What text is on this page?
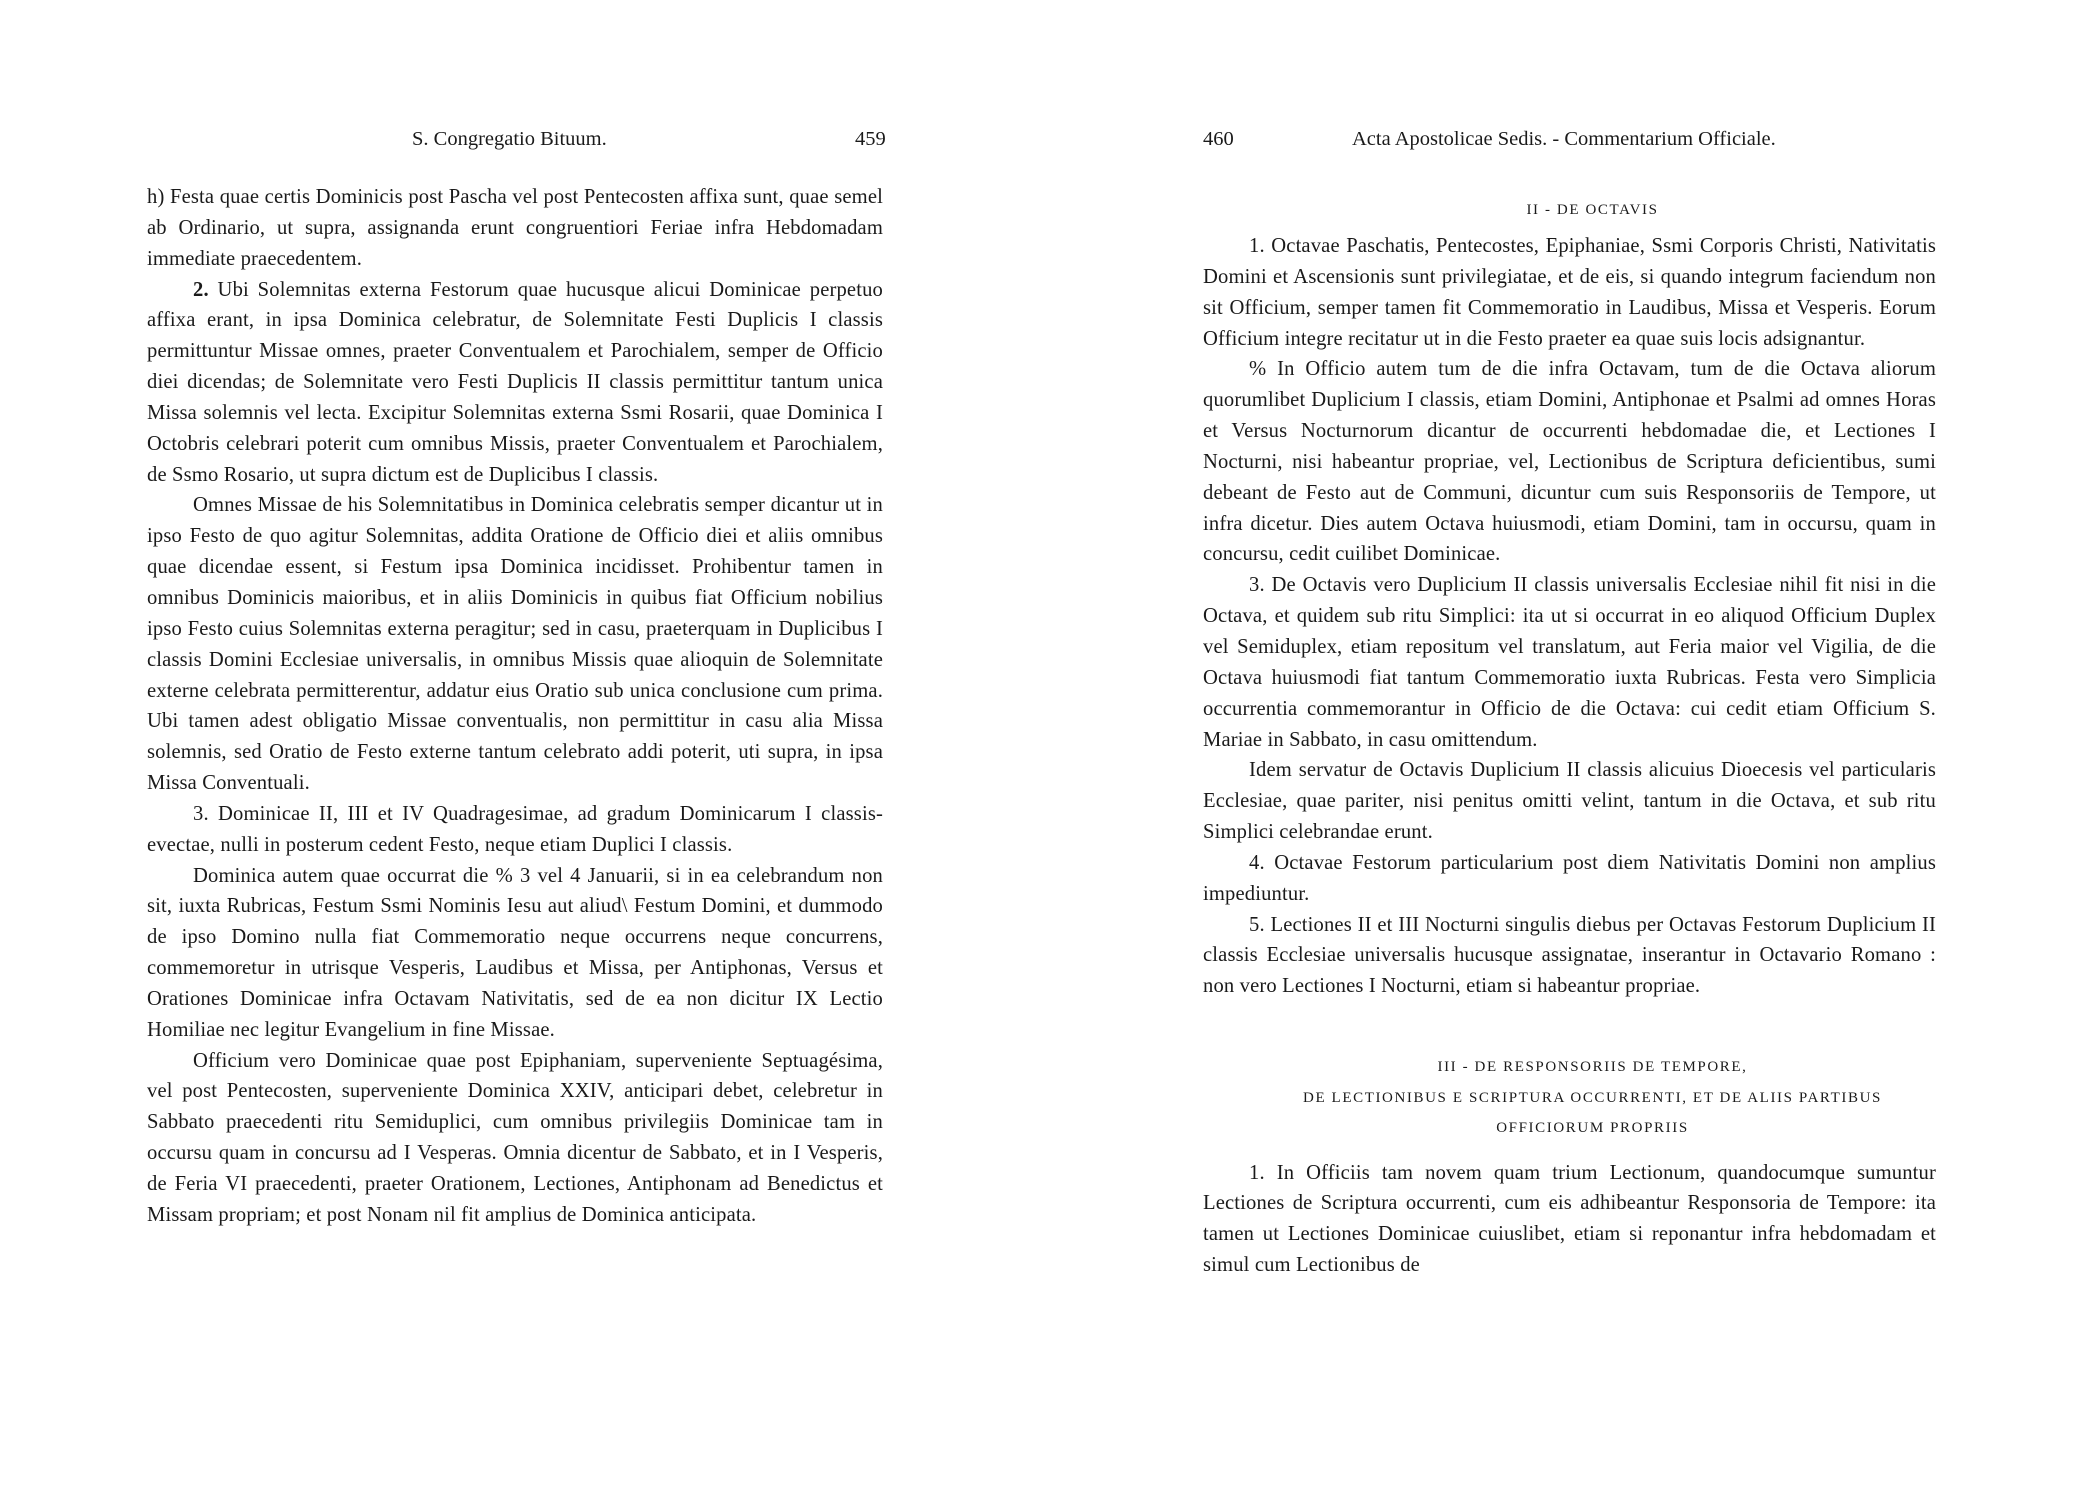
S. Congregatio Bituum.	459

h) Festa quae certis Dominicis post Pascha vel post Pentecosten affixa sunt, quae semel ab Ordinario, ut supra, assignanda erunt congruentiori Feriae infra Hebdomadam immediate praecedentem.

2. Ubi Solemnitas externa Festorum quae hucusque alicui Dominicae perpetuo affixa erant, in ipsa Dominica celebratur, de Solemnitate Festi Duplicis I classis permittuntur Missae omnes, praeter Conventualem et Parochialem, semper de Officio diei dicendas; de Solemnitate vero Festi Duplicis II classis permittitur tantum unica Missa solemnis vel lecta. Excipitur Solemnitas externa Ssmi Rosarii, quae Dominica I Octobris celebrari poterit cum omnibus Missis, praeter Conventualem et Parochialem, de Ssmo Rosario, ut supra dictum est de Duplicibus I classis.

Omnes Missae de his Solemnitatibus in Dominica celebratis semper dicantur ut in ipso Festo de quo agitur Solemnitas, addita Oratione de Officio diei et aliis omnibus quae dicendae essent, si Festum ipsa Dominica incidisset. Prohibentur tamen in omnibus Dominicis maioribus, et in aliis Dominicis in quibus fiat Officium nobilius ipso Festo cuius Solemnitas externa peragitur; sed in casu, praeterquam in Duplicibus I classis Domini Ecclesiae universalis, in omnibus Missis quae alioquin de Solemnitate externe celebrata permitterentur, addatur eius Oratio sub unica conclusione cum prima. Ubi tamen adest obligatio Missae conventualis, non permittitur in casu alia Missa solemnis, sed Oratio de Festo externe tantum celebrato addi poterit, uti supra, in ipsa Missa Conventuali.

3. Dominicae II, III et IV Quadragesimae, ad gradum Dominicarum I classis-evectae, nulli in posterum cedent Festo, neque etiam Duplici I classis.

Dominica autem quae occurrat die % 3 vel 4 Januarii, si in ea celebrandum non sit, iuxta Rubricas, Festum Ssmi Nominis Iesu aut aliud\ Festum Domini, et dummodo de ipso Domino nulla fiat Commemoratio neque occurrens neque concurrens, commemoretur in utrisque Vesperis, Laudibus et Missa, per Antiphonas, Versus et Orationes Dominicae infra Octavam Nativitatis, sed de ea non dicitur IX Lectio Homiliae nec legitur Evangelium in fine Missae.

Officium vero Dominicae quae post Epiphaniam, superveniente Septuagésima, vel post Pentecosten, superveniente Dominica XXIV, anticipari debet, celebretur in Sabbato praecedenti ritu Semiduplici, cum omnibus privilegiis Dominicae tam in occursu quam in concursu ad I Vesperas. Omnia dicentur de Sabbato, et in I Vesperis, de Feria VI praecedenti, praeter Orationem, Lectiones, Antiphonam ad Benedictus et Missam propriam; et post Nonam nil fit amplius de Dominica anticipata.

460	Acta Apostolicae Sedis. - Commentarium Officiale.

II - DE OCTAVIS

1. Octavae Paschatis, Pentecostes, Epiphaniae, Ssmi Corporis Christi, Nativitatis Domini et Ascensionis sunt privilegiatae, et de eis, si quando integrum faciendum non sit Officium, semper tamen fit Commemoratio in Laudibus, Missa et Vesperis. Eorum Officium integre recitatur ut in die Festo praeter ea quae suis locis adsignantur.

% In Officio autem tum de die infra Octavam, tum de die Octava aliorum quorumlibet Duplicium I classis, etiam Domini, Antiphonae et Psalmi ad omnes Horas et Versus Nocturnorum dicantur de occurrenti hebdomadae die, et Lectiones I Nocturni, nisi habeantur propriae, vel, Lectionibus de Scriptura deficientibus, sumi debeant de Festo aut de Communi, dicuntur cum suis Responsoriis de Tempore, ut infra dicetur. Dies autem Octava huiusmodi, etiam Domini, tam in occursu, quam in concursu, cedit cuilibet Dominicae.

3. De Octavis vero Duplicium II classis universalis Ecclesiae nihil fit nisi in die Octava, et quidem sub ritu Simplici: ita ut si occurrat in eo aliquod Officium Duplex vel Semiduplex, etiam repositum vel translatum, aut Feria maior vel Vigilia, de die Octava huiusmodi fiat tantum Commemoratio iuxta Rubricas. Festa vero Simplicia occurrentia commemorantur in Officio de die Octava: cui cedit etiam Officium S. Mariae in Sabbato, in casu omittendum.

Idem servatur de Octavis Duplicium II classis alicuius Dioecesis vel particularis Ecclesiae, quae pariter, nisi penitus omitti velint, tantum in die Octava, et sub ritu Simplici celebrandae erunt.

4. Octavae Festorum particularium post diem Nativitatis Domini non amplius impediuntur.

5. Lectiones II et III Nocturni singulis diebus per Octavas Festorum Duplicium II classis Ecclesiae universalis hucusque assignatae, inserantur in Octavario Romano : non vero Lectiones I Nocturni, etiam si habeantur propriae.

III - DE RESPONSORIIS DE TEMPORE,

DE LECTIONIBUS E SCRIPTURA OCCURRENTI, ET DE ALIIS PARTIBUS

OFFICIORUM PROPRIIS

1. In Officiis tam novem quam trium Lectionum, quandocumque sumuntur Lectiones de Scriptura occurrenti, cum eis adhibeantur Responsoria de Tempore: ita tamen ut Lectiones Dominicae cuiuslibet, etiam si reponantur infra hebdomadam et simul cum Lectionibus de
